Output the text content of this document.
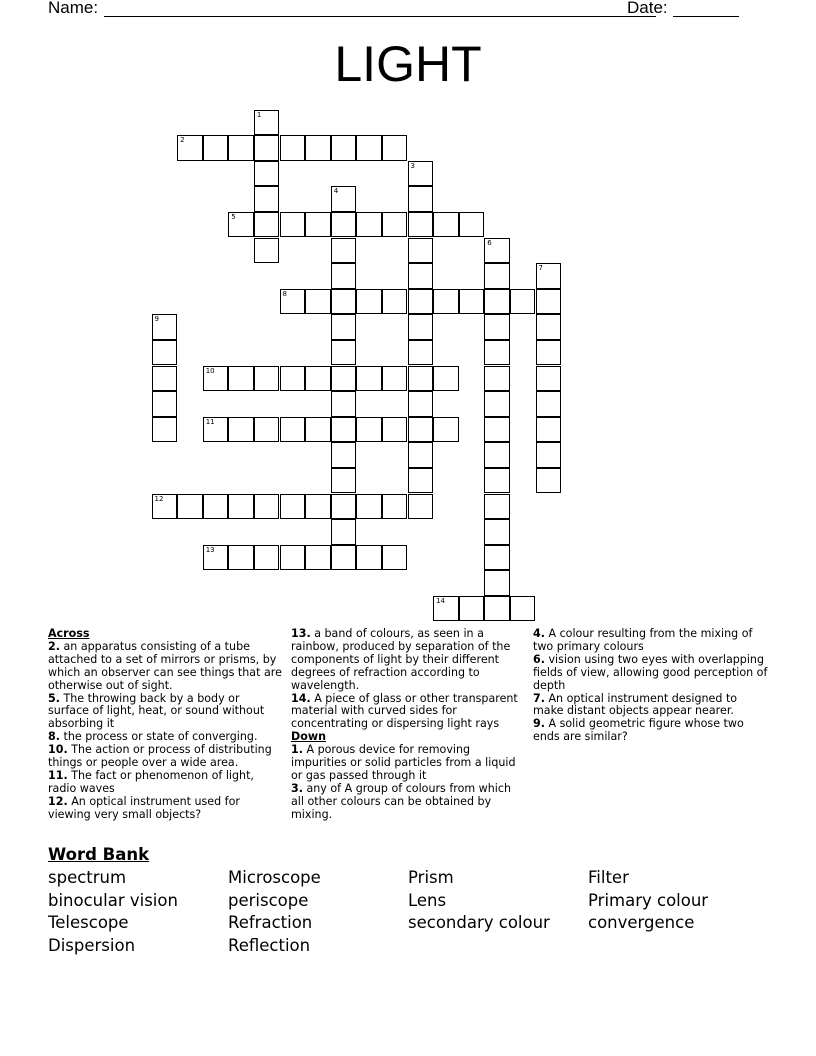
Name:	Date:
LIGHT
1
2
3
4
5
6
7
8
9
10
11
12
13
14
Across
2. an apparatus consisting of a tube attached to a set of mirrors or prisms, by which an observer can see things that are otherwise out of sight.
5. The throwing back by a body or surface of light, heat, or sound without absorbing it
8. the process or state of converging.
10. The action or process of distributing things or people over a wide area.
11. The fact or phenomenon of light, radio waves
12. An optical instrument used for viewing very small objects?
13. a band of colours, as seen in a rainbow, produced by separation of the components of light by their different degrees of refraction according to wavelength.
14. A piece of glass or other transparent material with curved sides for concentrating or dispersing light rays
Down
1. A porous device for removing impurities or solid particles from a liquid or gas passed through it
3. any of A group of colours from which all other colours can be obtained by mixing.
4. A colour resulting from the mixing of two primary colours
6. vision using two eyes with overlapping fields of view, allowing good perception of depth
7. An optical instrument designed to make distant objects appear nearer.
9. A solid geometric figure whose two ends are similar?
Word Bank
spectrum
binocular vision
Telescope
Dispersion
Microscope
periscope
Refraction
Reflection
Prism
Lens
secondary colour
Filter
Primary colour
convergence
